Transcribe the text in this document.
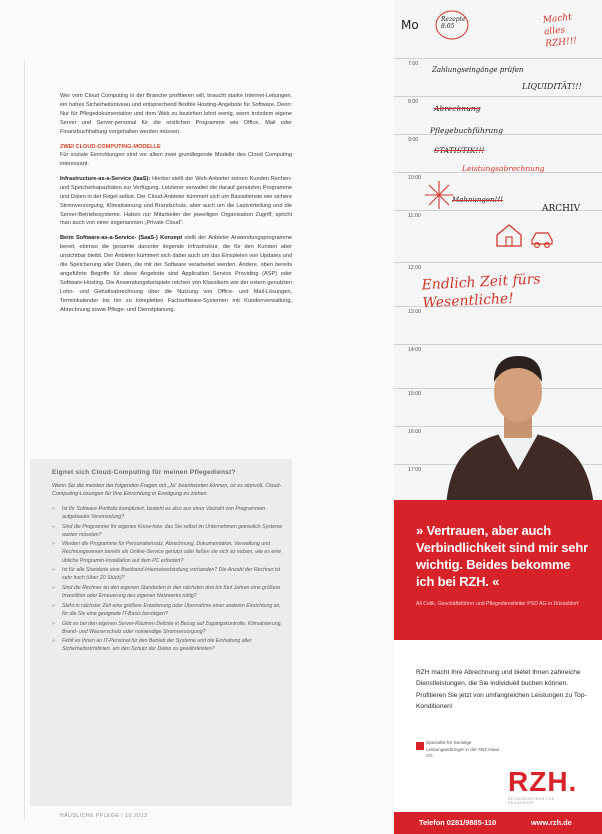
Wer vom Cloud Computing in der Branche profitieren will, braucht starke Internet-Leitungen, ein hohes Sicherheitsniveau und entsprechend flexible Hosting-Angebote für Software. Denn: Nur für Pflegedokumentation und dem Web zu beziehen lohnt wenig, wenn trotzdem eigene Server und Server-personal für die restlichen Programme wie Office, Mail oder Finanzbuchhaltung vorgehalten werden müssen.

ZWEI CLOUD-COMPUTING-MODELLE

Für soziale Einrichtungen sind vor allem zwei grundlegende Modelle des Cloud Computing interessant.

Infrastructure-as-a-Service (IaaS): Hierbei stellt der Web-Anbieter seinen Kunden Rechen- und Speicherkapazitäten zur Verfügung. Letzterer verwaltet die darauf genutzten Programme und Daten in der Regel selbst. Der Cloud-Anbieter kümmert sich um Basisdienste wie sichere Stromversorgung, Klimatisierung und Brandschutz, aber auch um die Lastverteilung und die Server-Betriebssysteme. Haben nur Mitarbeiter der jeweiligen Organisation Zugriff, spricht man auch von einer sogenannten „Private Cloud“.

Beim Software-as-a-Service- (SaaS-) Konzept stellt der Anbieter Anwendungsprogramme bereit, ebenso die gesamte darunter liegende Infrastruktur, die für den Kunden aber unsichtbar bleibt. Der Anbieter kümmert sich dabei auch um das Einspielen von Updates und die Speicherung aller Daten, die mit der Software verarbeitet werden. Andere, oben bereits angeführte Begriffe für diese Angebote sind Application Service Providing (ASP) oder Software-Hosting. Die Anwendungsbeispiele reichen von Klassikern wie der extern genutzten Lohn- und Gehaltsabrechnung über die Nutzung von Office- und Mail-Lösungen, Terminkalender bis hin zu kompletten Fachsoftware-Systemen mit Kundenverwaltung, Abrechnung sowie Pflege- und Dienstplanung.

Eignet sich Cloud-Computing für meinen Pflegedienst?

Wenn Sie die meisten der folgenden Fragen mit „Ja“ beantworten können, ist es sinnvoll, Cloud-Computing-Lösungen für Ihre Einrichtung in Erwägung zu ziehen.

» Ist Ihr Software-Portfolio kompliziert, besteht es also aus einer Vielzahl von Programmen aufgebauter Vereinzelung?
» Sind die Programme Ihr eigenes Know-how, das Sie selbst im Unternehmen getreulich Systeme warten müssten?
» Werden die Programme für Personaleinsatz, Abrechnung, Dokumentation, Verwaltung und Rechnungswesen bereits als Online-Service genutzt oder ließen sie sich so nutzen, wie es eine übliche Programm-Installation auf dem PC erfordert?
» Ist für alle Standorte eine Breitband-Internetverbindung vorhanden? Die Anzahl der Rechner ist sehr hoch (über 20 Stück)?
» Sind die Rechner an den eigenen Standorten in den nächsten drei bis fünf Jahren eine größere Investition oder Erneuerung des eigenen Netzwerks nötig?
» Steht in nächster Zeit eine größere Erweiterung oder Übernahme einer anderen Einrichtung an, für die Sie eine geeignete IT-Basis benötigen?
» Gibt es bei den eigenen Server-Räumen Defizite in Bezug auf Zugangskontrolle, Klimatisierung, Brand- und Wasserschutz oder notwendige Stromversorgung?
» Fehlt es Ihnen an IT-Personal für den Betrieb der Systeme und die Einhaltung aller Sicherheitsrichtlinien, um den Schutz der Daten zu gewährleisten?
HÄUSLICHE PFLEGE | 10.2013
Mo
7:00
8:00
9:00
10:00
11:00
12:00
13:00
14:00
15:00
16:00
17:00
Rezepte 8:05
Macht alles RZH!!!
Zahlungseingänge prüfen
LIQUIDITÄT!!!
Abrechnung
Pflegebuchführung
STATISTIK!!!
Leistungsabrechnung
Mahnungen!!!
ARCHIV
Endlich Zeit fürs Wesentliche!
» Vertrauen, aber auch Verbindlichkeit sind mir sehr wichtig. Beides bekomme ich bei RZH. «
Ali Celik, Geschäftsführer und Pflegedienstleiter PSD AG in Düsseldorf
RZH macht Ihre Abrechnung und bietet Ihnen zahlreiche Dienstleistungen, die Sie individuell buchen können. Profitieren Sie jetzt von umfangreichen Leistungen zu Top-Konditionen!
Spezialist für Sonstige Leistungserbringer in der ARZ Haan AG
RZH.
RECHENZENTRUM FÜR HEILBERUFE
Telefon 0281/9885-110	www.rzh.de
